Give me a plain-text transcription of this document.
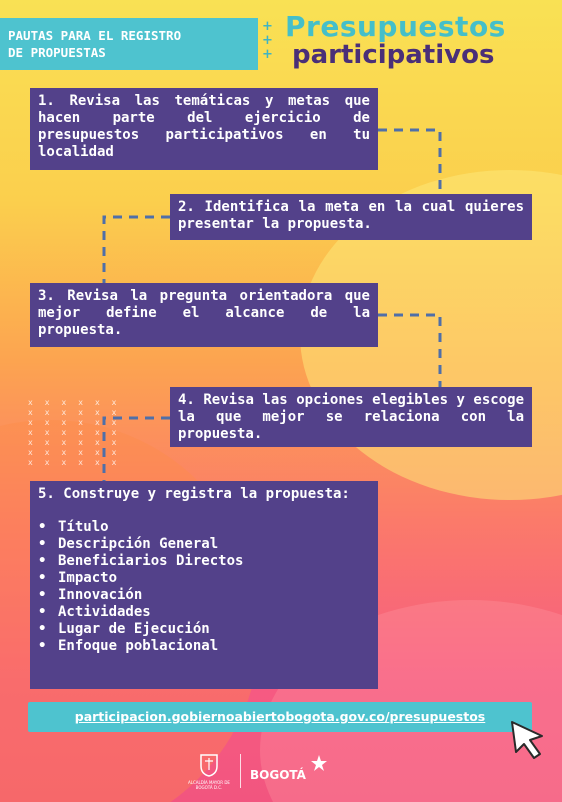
PAUTAS PARA EL REGISTRO
DE PROPUESTAS
+
+
+
Presupuestos
participativos
xxxxxx
xxxxxx
xxxxxx
xxxxxx
xxxxxx
xxxxxx
xxxxxx

1. Revisa las temáticas y metas que hacen parte del ejercicio de presupuestos participativos en tu localidad

2. Identifica la meta en la cual quieres presentar la propuesta.

3. Revisa la pregunta orientadora que mejor define el alcance de la propuesta.

4. Revisa las opciones elegibles y escoge la que mejor se relaciona con la propuesta.

5. Construye y registra la propuesta:

• Título
• Descripción General
• Beneficiarios Directos
• Impacto
• Innovación
• Actividades
• Lugar de Ejecución
• Enfoque poblacional
participacion.gobiernoabiertobogota.gov.co/presupuestos
ALCALDÍA MAYOR DE BOGOTÁ D.C.
BOGOTÁ
